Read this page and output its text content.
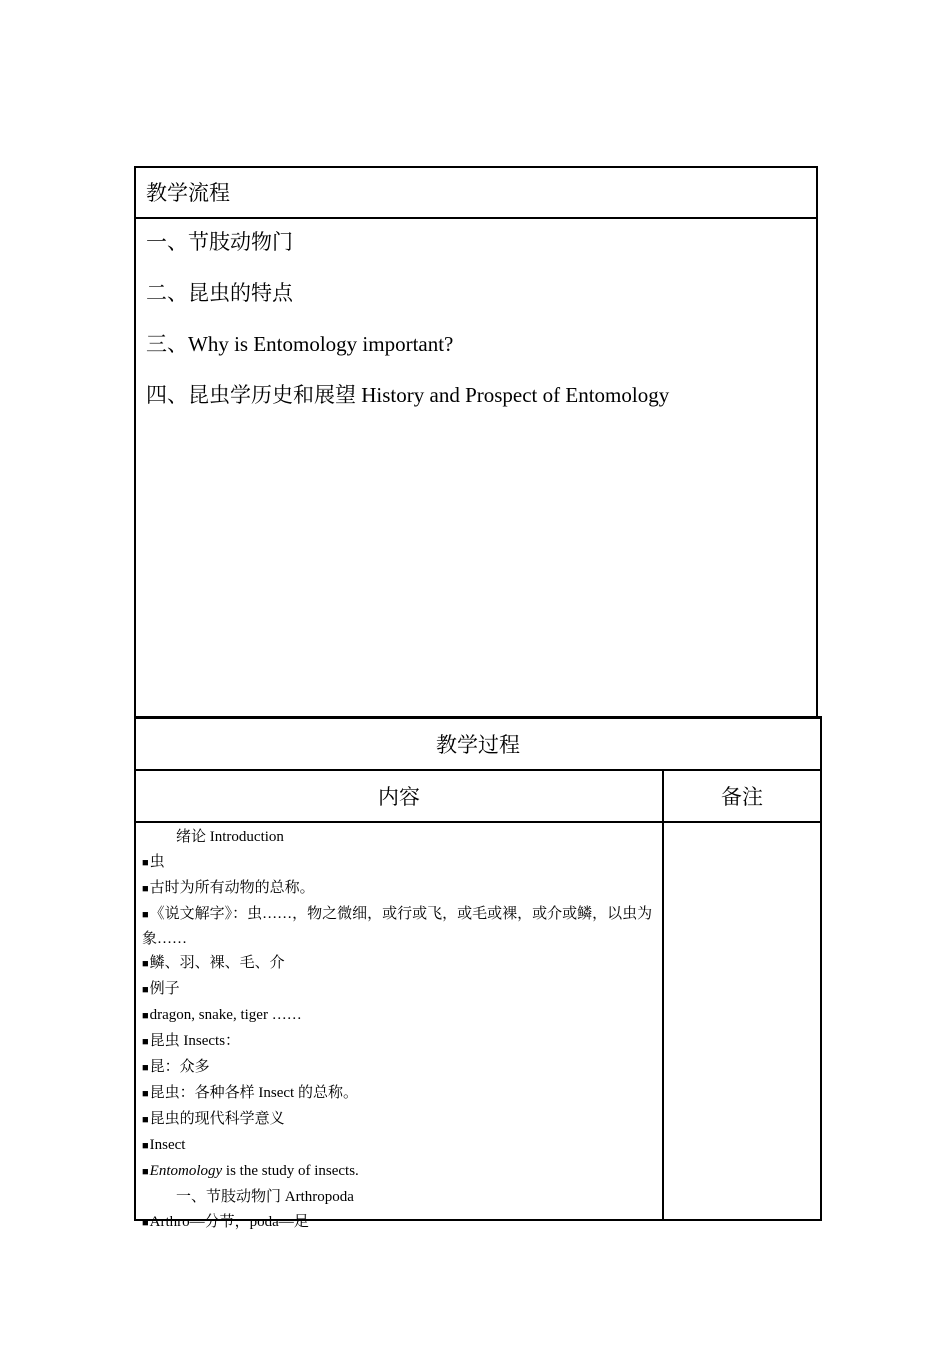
教学流程
一、节肢动物门
二、昆虫的特点
三、Why is Entomology important?
四、昆虫学历史和展望 History and Prospect of Entomology
教学过程
内容	备注
绪论 Introduction
■虫
■古时为所有动物的总称。
■《说文解字》：虫……，物之微细，或行或飞，或毛或裸，或介或鳞，以虫为象……
■鳞、羽、裸、毛、介
■例子
■dragon, snake, tiger ……
■昆虫 Insects：
■昆：众多
■昆虫：各种各样 Insect 的总称。
■昆虫的现代科学意义
■Insect
■Entomology is the study of insects.
一、节肢动物门 Arthropoda
■Arthro—分节，poda—足
